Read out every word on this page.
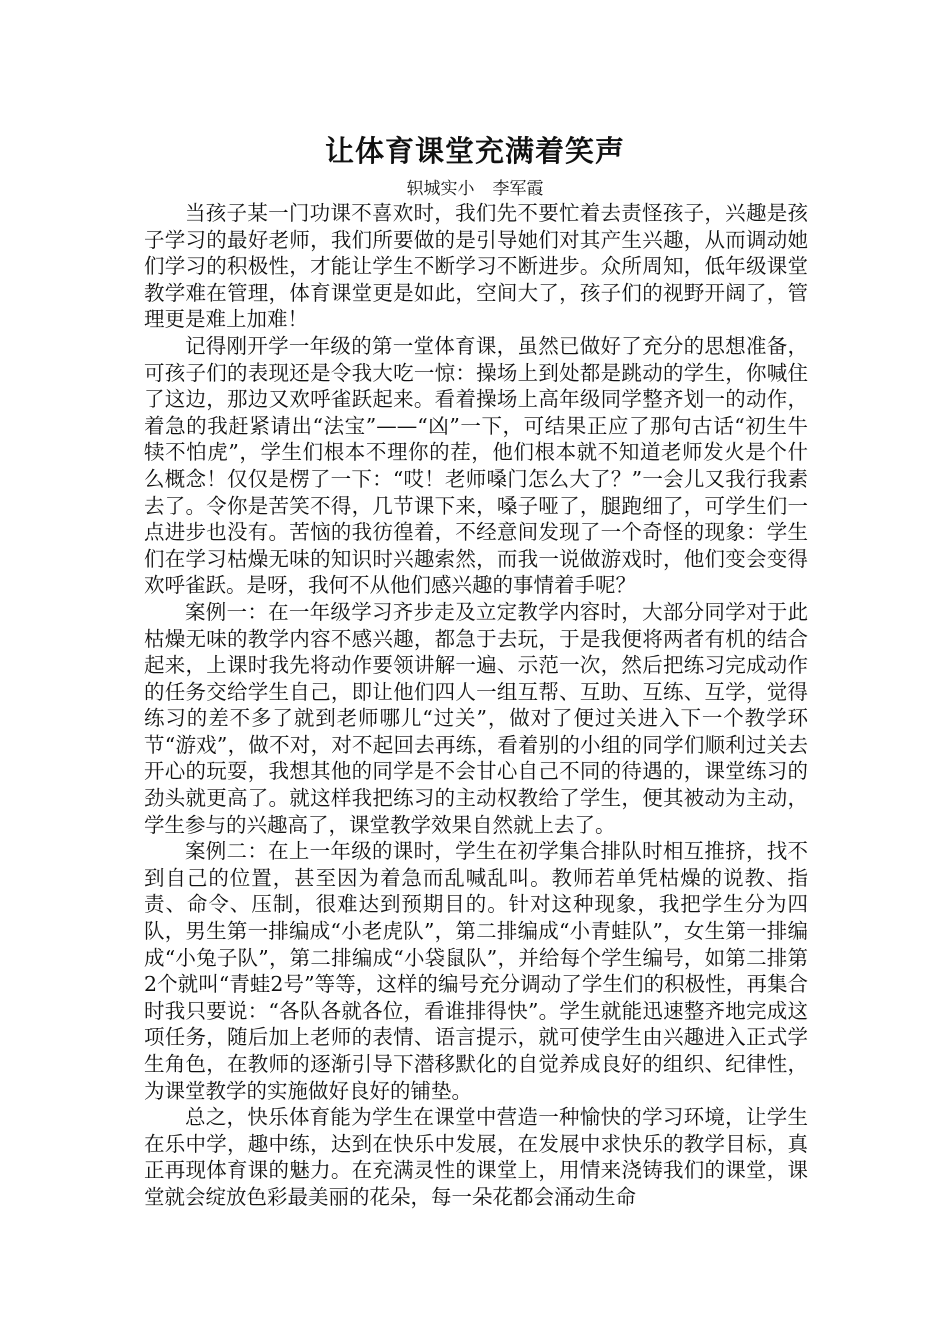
让体育课堂充满着笑声
轵城实小 李军霞

当孩子某一门功课不喜欢时，我们先不要忙着去责怪孩子，兴趣是孩子学习的最好老师，我们所要做的是引导她们对其产生兴趣，从而调动她们学习的积极性，才能让学生不断学习不断进步。众所周知，低年级课堂教学难在管理，体育课堂更是如此，空间大了，孩子们的视野开阔了，管理更是难上加难！

记得刚开学一年级的第一堂体育课，虽然已做好了充分的思想准备，可孩子们的表现还是令我大吃一惊：操场上到处都是跳动的学生，你喊住了这边，那边又欢呼雀跃起来。看着操场上高年级同学整齐划一的动作，着急的我赶紧请出“法宝”——“凶”一下，可结果正应了那句古话“初生牛犊不怕虎”，学生们根本不理你的茬，他们根本就不知道老师发火是个什么概念！仅仅是楞了一下：“哎！老师嗓门怎么大了？”一会儿又我行我素去了。令你是苦笑不得，几节课下来，嗓子哑了，腿跑细了，可学生们一点进步也没有。苦恼的我彷徨着，不经意间发现了一个奇怪的现象：学生们在学习枯燥无味的知识时兴趣索然，而我一说做游戏时，他们变会变得欢呼雀跃。是呀，我何不从他们感兴趣的事情着手呢？

案例一：在一年级学习齐步走及立定教学内容时，大部分同学对于此枯燥无味的教学内容不感兴趣，都急于去玩，于是我便将两者有机的结合起来，上课时我先将动作要领讲解一遍、示范一次，然后把练习完成动作的任务交给学生自己，即让他们四人一组互帮、互助、互练、互学，觉得练习的差不多了就到老师哪儿“过关”，做对了便过关进入下一个教学环节“游戏”，做不对，对不起回去再练，看着别的小组的同学们顺利过关去开心的玩耍，我想其他的同学是不会甘心自己不同的待遇的，课堂练习的劲头就更高了。就这样我把练习的主动权教给了学生，便其被动为主动，学生参与的兴趣高了，课堂教学效果自然就上去了。

案例二：在上一年级的课时，学生在初学集合排队时相互推挤，找不到自己的位置，甚至因为着急而乱喊乱叫。教师若单凭枯燥的说教、指责、命令、压制，很难达到预期目的。针对这种现象，我把学生分为四队，男生第一排编成“小老虎队”，第二排编成“小青蛙队”，女生第一排编成“小兔子队”，第二排编成“小袋鼠队”，并给每个学生编号，如第二排第2个就叫“青蛙2号”等等，这样的编号充分调动了学生们的积极性，再集合时我只要说：“各队各就各位，看谁排得快”。学生就能迅速整齐地完成这项任务，随后加上老师的表情、语言提示，就可使学生由兴趣进入正式学生角色，在教师的逐渐引导下潜移默化的自觉养成良好的组织、纪律性，为课堂教学的实施做好良好的铺垫。

总之，快乐体育能为学生在课堂中营造一种愉快的学习环境，让学生在乐中学，趣中练，达到在快乐中发展，在发展中求快乐的教学目标，真正再现体育课的魅力。在充满灵性的课堂上，用情来浇铸我们的课堂，课堂就会绽放色彩最美丽的花朵，每一朵花都会涌动生命
